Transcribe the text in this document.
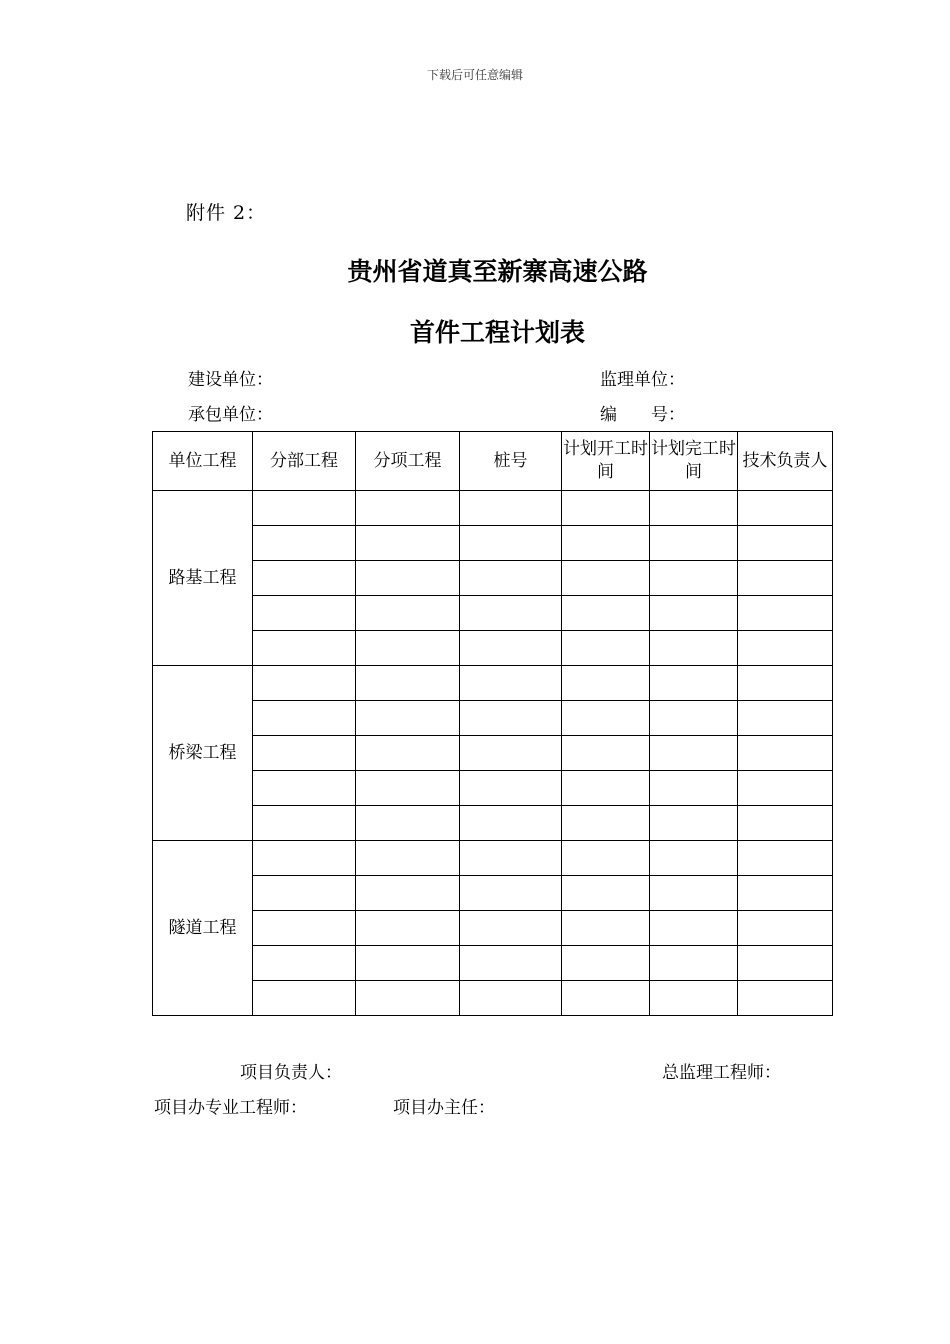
下载后可任意编辑
附件 2：
贵州省道真至新寨高速公路
首件工程计划表
建设单位：	监理单位：
承包单位：	编　　号：
单位工程	分部工程	分项工程	桩号	计划开工时间	计划完工时间	技术负责人
路基工程						

桥梁工程						

隧道工程						

项目负责人：	总监理工程师：
项目办专业工程师：	项目办主任：
